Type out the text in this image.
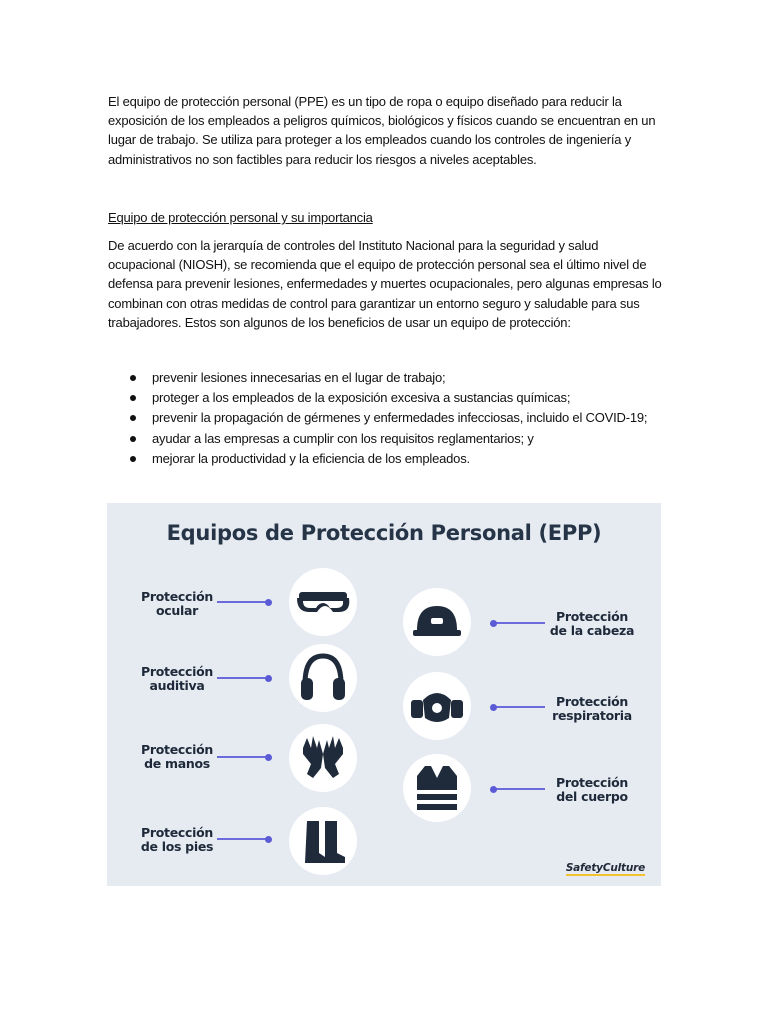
El equipo de protección personal (PPE) es un tipo de ropa o equipo diseñado para reducir la exposición de los empleados a peligros químicos, biológicos y físicos cuando se encuentran en un lugar de trabajo. Se utiliza para proteger a los empleados cuando los controles de ingeniería y administrativos no son factibles para reducir los riesgos a niveles aceptables.
Equipo de protección personal y su importancia
De acuerdo con la jerarquía de controles del Instituto Nacional para la seguridad y salud ocupacional (NIOSH), se recomienda que el equipo de protección personal sea el último nivel de defensa para prevenir lesiones, enfermedades y muertes ocupacionales, pero algunas empresas lo combinan con otras medidas de control para garantizar un entorno seguro y saludable para sus trabajadores. Estos son algunos de los beneficios de usar un equipo de protección:
prevenir lesiones innecesarias en el lugar de trabajo;
proteger a los empleados de la exposición excesiva a sustancias químicas;
prevenir la propagación de gérmenes y enfermedades infecciosas, incluido el COVID-19;
ayudar a las empresas a cumplir con los requisitos reglamentarios; y
mejorar la productividad y la eficiencia de los empleados.
Equipos de Protección Personal (EPP)
Protección
ocular
Protección
auditiva
Protección
de manos
Protección
de los pies
Protección
de la cabeza
Protección
respiratoria
Protección
del cuerpo
SafetyCulture
